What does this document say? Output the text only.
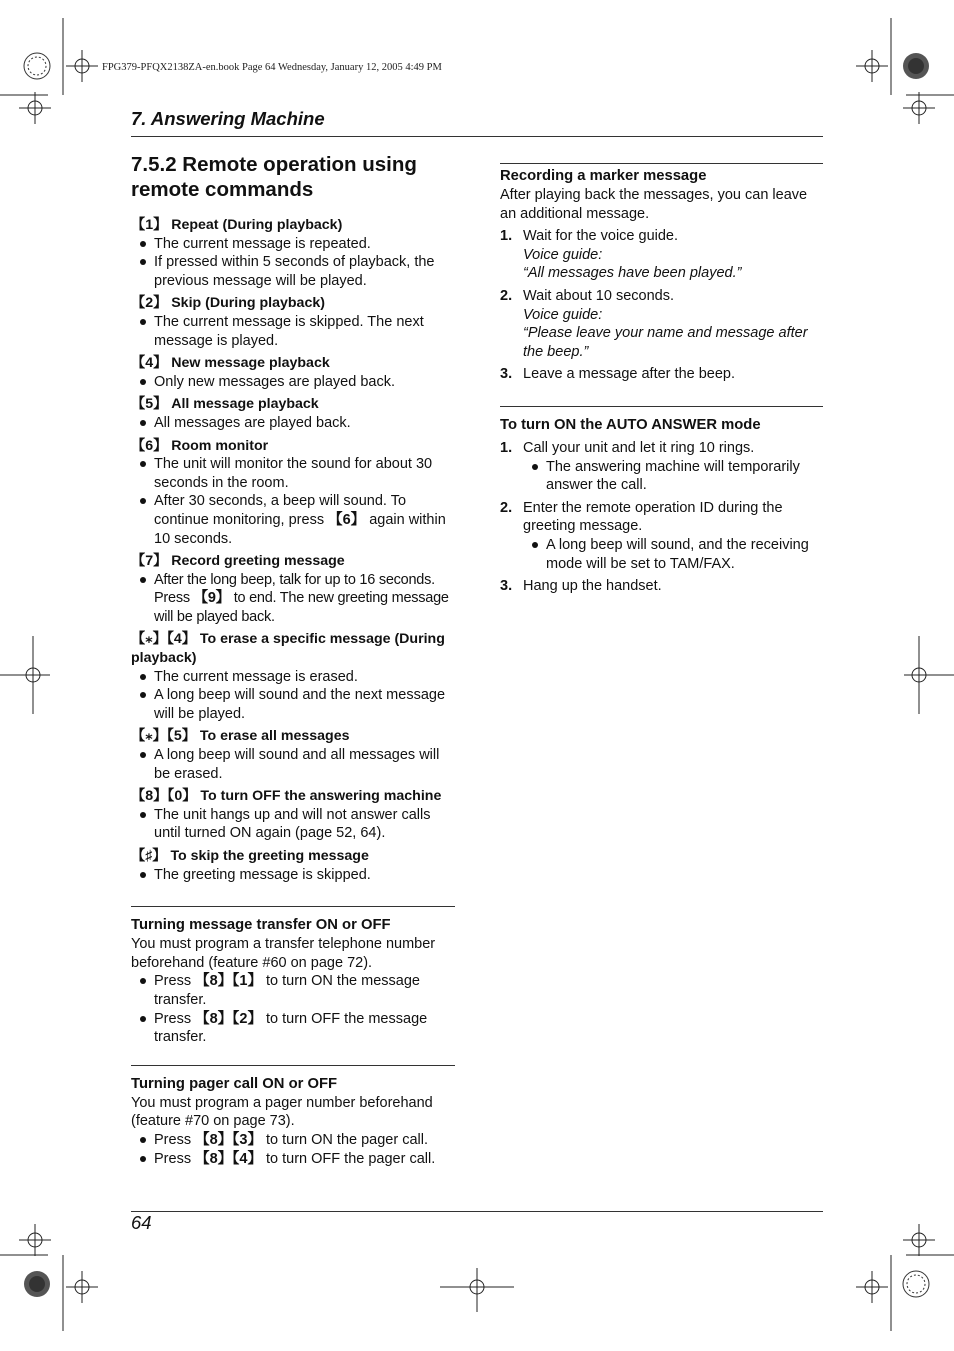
FPG379-PFQX2138ZA-en.book Page 64 Wednesday, January 12, 2005 4:49 PM
7. Answering Machine
7.5.2 Remote operation using
remote commands
【1】 Repeat (During playback)
The current message is repeated.
If pressed within 5 seconds of playback, the previous message will be played.
【2】 Skip (During playback)
The current message is skipped. The next message is played.
【4】 New message playback
Only new messages are played back.
【5】 All message playback
All messages are played back.
【6】 Room monitor
The unit will monitor the sound for about 30 seconds in the room.
After 30 seconds, a beep will sound. To continue monitoring, press 【6】 again within 10 seconds.
【7】 Record greeting message
After the long beep, talk for up to 16 seconds. Press 【9】 to end. The new greeting message will be played back.
【⁎】【4】 To erase a specific message (During playback)
The current message is erased.
A long beep will sound and the next message will be played.
【⁎】【5】 To erase all messages
A long beep will sound and all messages will be erased.
【8】【0】 To turn OFF the answering machine
The unit hangs up and will not answer calls until turned ON again (page 52, 64).
【♯】 To skip the greeting message
The greeting message is skipped.
Turning message transfer ON or OFF
You must program a transfer telephone number beforehand (feature #60 on page 72).
Press 【8】【1】 to turn ON the message transfer.
Press 【8】【2】 to turn OFF the message transfer.
Turning pager call ON or OFF
You must program a pager number beforehand (feature #70 on page 73).
Press 【8】【3】 to turn ON the pager call.
Press 【8】【4】 to turn OFF the pager call.
Recording a marker message
After playing back the messages, you can leave an additional message.
1. Wait for the voice guide.
Voice guide:
“All messages have been played.”
2. Wait about 10 seconds.
Voice guide:
“Please leave your name and message after the beep.”
3. Leave a message after the beep.
To turn ON the AUTO ANSWER mode
1. Call your unit and let it ring 10 rings.
The answering machine will temporarily answer the call.
2. Enter the remote operation ID during the greeting message.
A long beep will sound, and the receiving mode will be set to TAM/FAX.
3. Hang up the handset.
64
